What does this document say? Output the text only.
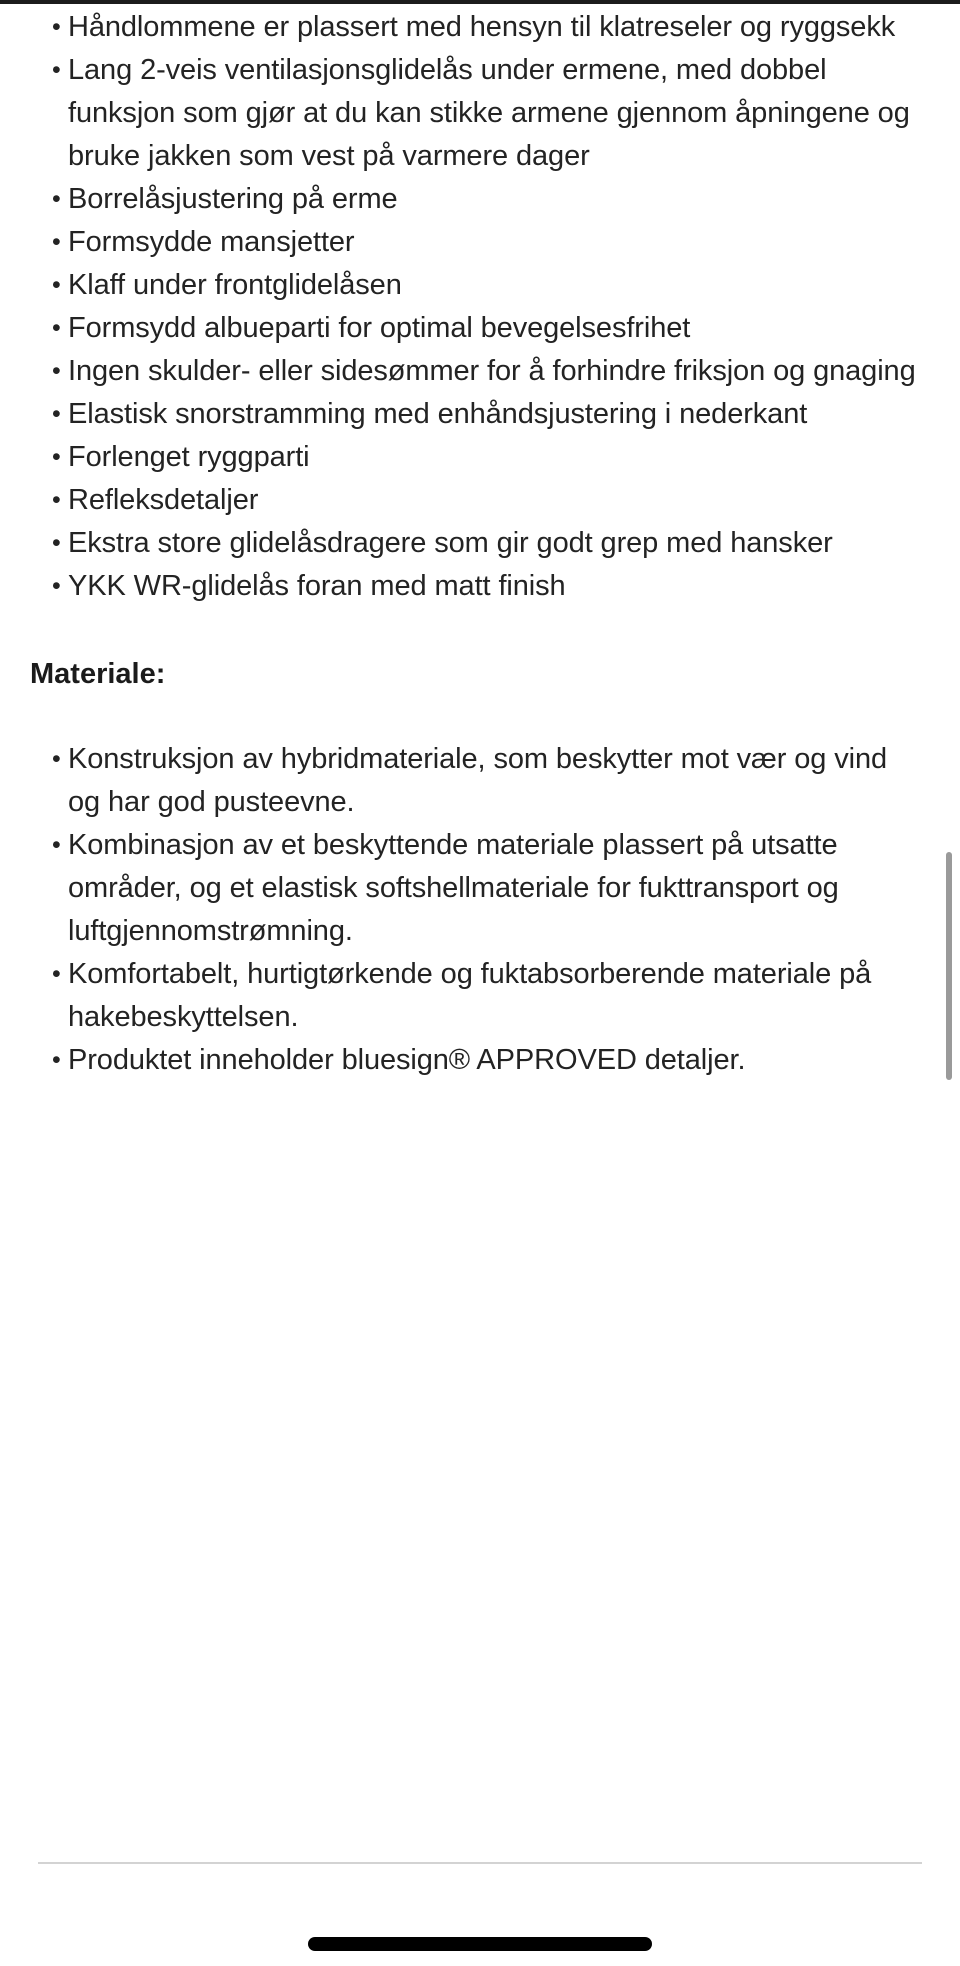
• Håndlommene er plassert med hensyn til klatreseler og ryggsekk
• Lang 2-veis ventilasjonsglidelås under ermene, med dobbel funksjon som gjør at du kan stikke armene gjennom åpningene og bruke jakken som vest på varmere dager
• Borrelåsjustering på erme
• Formsydde mansjetter
• Klaff under frontglidelåsen
• Formsydd albueparti for optimal bevegelsesfrihet
• Ingen skulder- eller sidesømmer for å forhindre friksjon og gnaging
• Elastisk snorstramming med enhåndsjustering i nederkant
• Forlenget ryggparti
• Refleksdetaljer
• Ekstra store glidelåsdragere som gir godt grep med hansker
• YKK WR-glidelås foran med matt finish
Materiale:
• Konstruksjon av hybridmateriale, som beskytter mot vær og vind og har god pusteevne.
• Kombinasjon av et beskyttende materiale plassert på utsatte områder, og et elastisk softshellmateriale for fukttransport og luftgjennomstrømning.
• Komfortabelt, hurtigtørkende og fuktabsorberende materiale på hakebeskyttelsen.
• Produktet inneholder bluesign® APPROVED detaljer.
